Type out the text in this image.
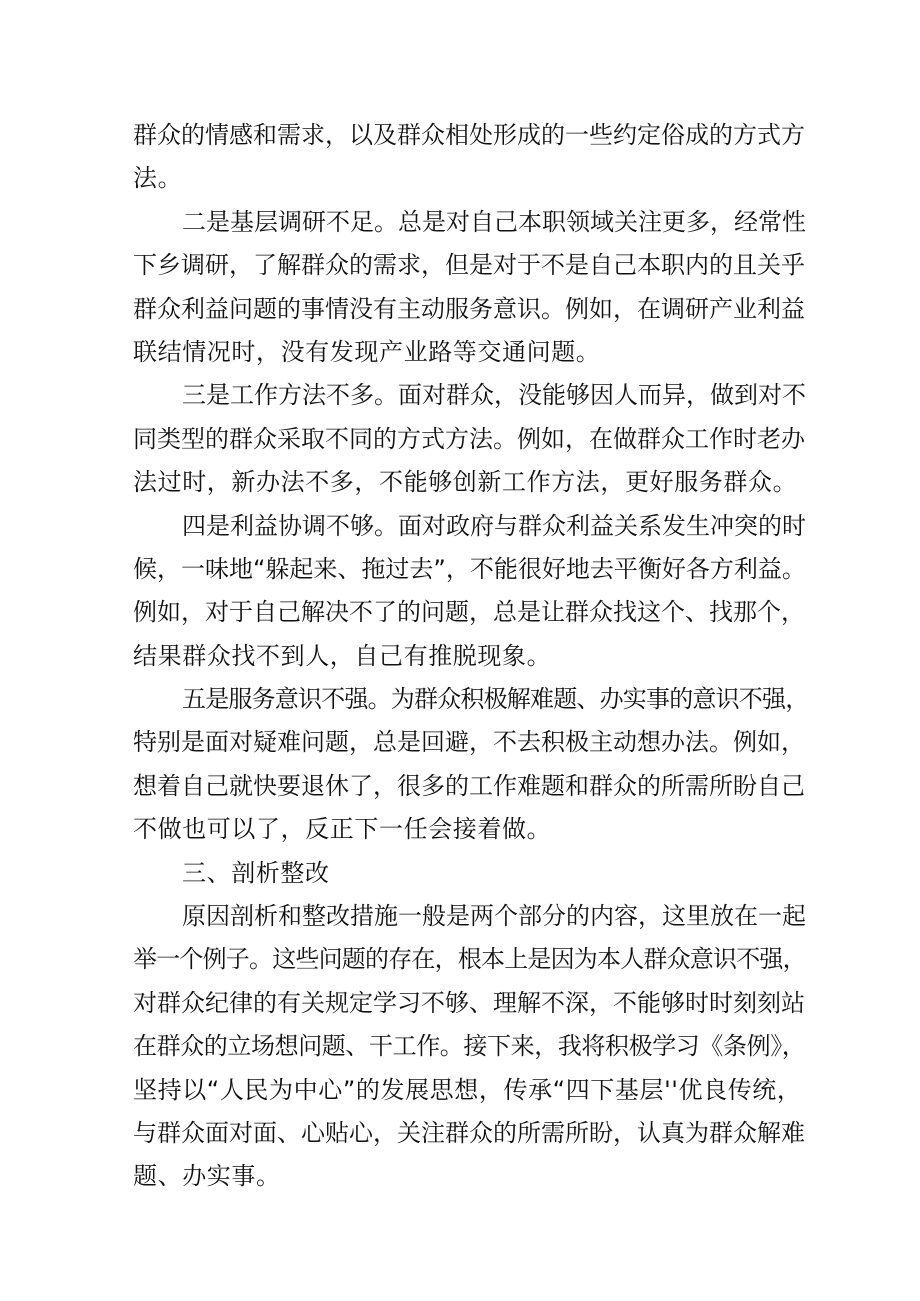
群众的情感和需求，以及群众相处形成的一些约定俗成的方式方
法。
二是基层调研不足。总是对自己本职领域关注更多，经常性
下乡调研，了解群众的需求，但是对于不是自己本职内的且关乎
群众利益问题的事情没有主动服务意识。例如，在调研产业利益
联结情况时，没有发现产业路等交通问题。
三是工作方法不多。面对群众，没能够因人而异，做到对不
同类型的群众采取不同的方式方法。例如，在做群众工作时老办
法过时，新办法不多，不能够创新工作方法，更好服务群众。
四是利益协调不够。面对政府与群众利益关系发生冲突的时
候，一味地“躲起来、拖过去”，不能很好地去平衡好各方利益。
例如，对于自己解决不了的问题，总是让群众找这个、找那个，
结果群众找不到人，自己有推脱现象。
五是服务意识不强。为群众积极解难题、办实事的意识不强，
特别是面对疑难问题，总是回避，不去积极主动想办法。例如，
想着自己就快要退休了，很多的工作难题和群众的所需所盼自己
不做也可以了，反正下一任会接着做。
三、剖析整改
原因剖析和整改措施一般是两个部分的内容，这里放在一起
举一个例子。这些问题的存在，根本上是因为本人群众意识不强，
对群众纪律的有关规定学习不够、理解不深，不能够时时刻刻站
在群众的立场想问题、干工作。接下来，我将积极学习《条例》，
坚持以“人民为中心”的发展思想，传承“四下基层''优良传统，
与群众面对面、心贴心，关注群众的所需所盼，认真为群众解难
题、办实事。
